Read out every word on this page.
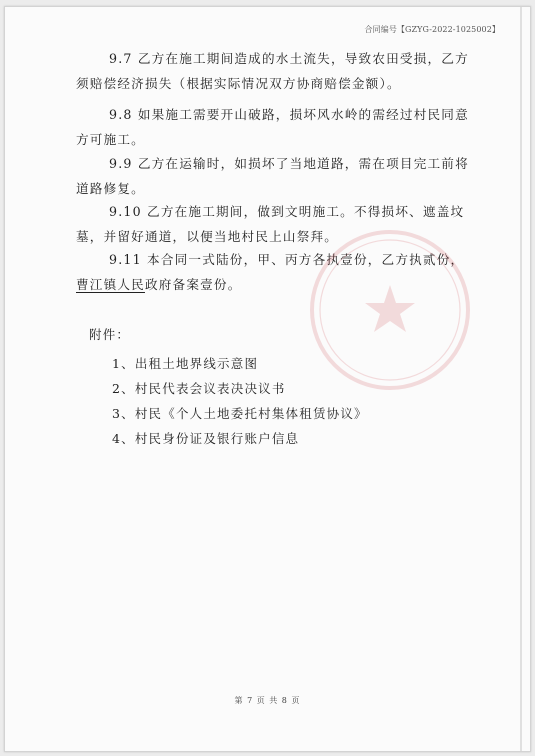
合同编号【GZYG-2022-1025002】
9.7 乙方在施工期间造成的水土流失，导致农田受损，乙方须赔偿经济损失（根据实际情况双方协商赔偿金额）。
9.8 如果施工需要开山破路，损坏风水岭的需经过村民同意方可施工。
9.9 乙方在运输时，如损坏了当地道路，需在项目完工前将道路修复。
9.10 乙方在施工期间，做到文明施工。不得损坏、遮盖坟墓，并留好通道，以便当地村民上山祭拜。
9.11 本合同一式陆份，甲、丙方各执壹份，乙方执贰份，曹江镇人民政府备案壹份。
附件：
1、出租土地界线示意图
2、村民代表会议表决决议书
3、村民《个人土地委托村集体租赁协议》
4、村民身份证及银行账户信息
第 7 页 共 8 页
